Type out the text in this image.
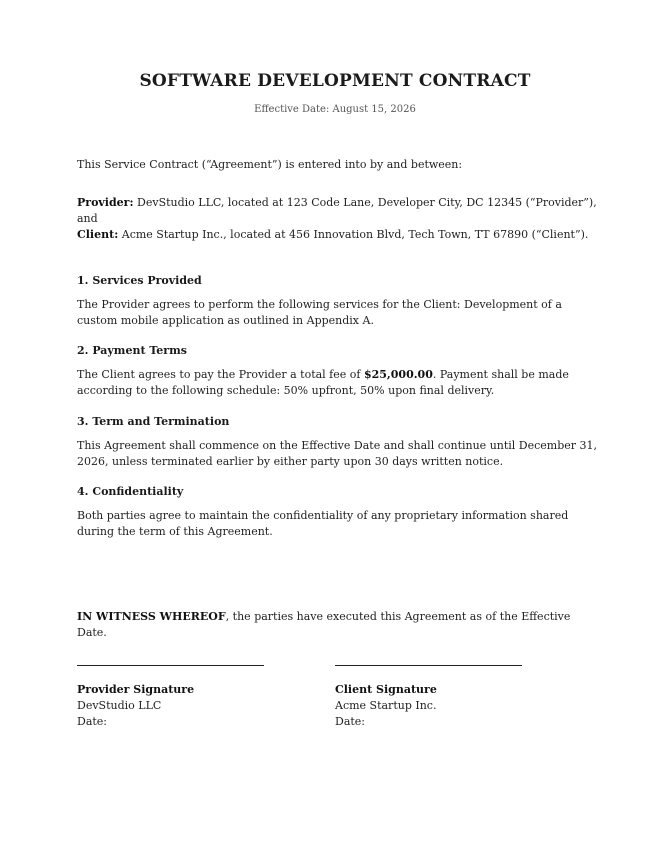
SOFTWARE DEVELOPMENT CONTRACT
Effective Date: August 15, 2026
This Service Contract (“Agreement”) is entered into by and between:
Provider: DevStudio LLC, located at 123 Code Lane, Developer City, DC 12345 (“Provider”), and
Client: Acme Startup Inc., located at 456 Innovation Blvd, Tech Town, TT 67890 (“Client”).
1. Services Provided
The Provider agrees to perform the following services for the Client: Development of a custom mobile application as outlined in Appendix A.
2. Payment Terms
The Client agrees to pay the Provider a total fee of $25,000.00. Payment shall be made according to the following schedule: 50% upfront, 50% upon final delivery.
3. Term and Termination
This Agreement shall commence on the Effective Date and shall continue until December 31, 2026, unless terminated earlier by either party upon 30 days written notice.
4. Confidentiality
Both parties agree to maintain the confidentiality of any proprietary information shared during the term of this Agreement.
IN WITNESS WHEREOF, the parties have executed this Agreement as of the Effective Date.
Provider Signature
DevStudio LLC
Date:
Client Signature
Acme Startup Inc.
Date:
